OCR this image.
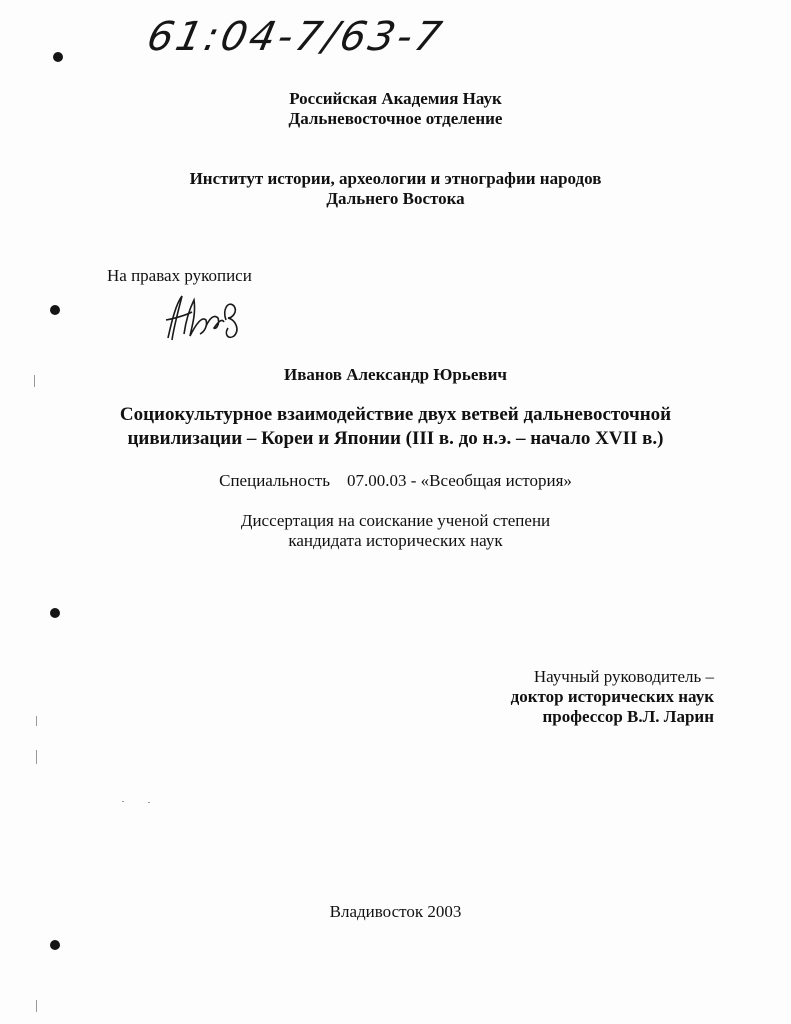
61:04-7/63-7
Российская Академия Наук
Дальневосточное отделение
Институт истории, археологии и этнографии народов
Дальнего Востока
На правах рукописи
Иванов Александр Юрьевич
Социокультурное взаимодействие двух ветвей дальневосточной
цивилизации – Кореи и Японии (III в. до н.э. – начало XVII в.)
Специальность    07.00.03 - «Всеобщая история»
Диссертация на соискание ученой степени
кандидата исторических наук
Научный руководитель –
доктор исторических наук
профессор В.Л. Ларин
Владивосток 2003
